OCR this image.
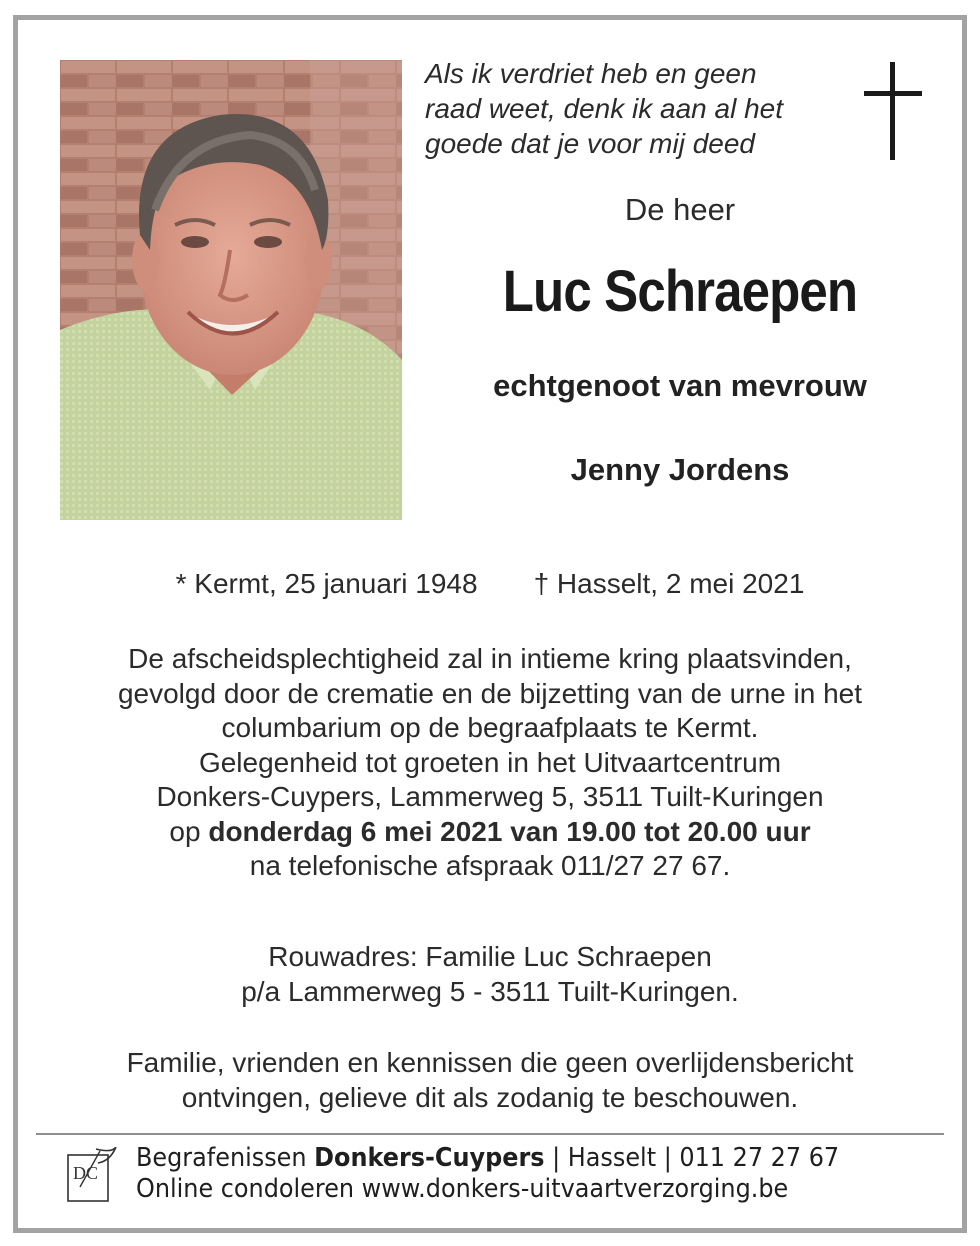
Als ik verdriet heb en geen
raad weet, denk ik aan al het
goede dat je voor mij deed
De heer
Luc Schraepen
echtgenoot van mevrouw
Jenny Jordens
* Kermt, 25 januari 1948 † Hasselt, 2 mei 2021
De afscheidsplechtigheid zal in intieme kring plaatsvinden,
gevolgd door de crematie en de bijzetting van de urne in het
columbarium op de begraafplaats te Kermt.
Gelegenheid tot groeten in het Uitvaartcentrum
Donkers-Cuypers, Lammerweg 5, 3511 Tuilt-Kuringen
op donderdag 6 mei 2021 van 19.00 tot 20.00 uur
na telefonische afspraak 011/27 27 67.
Rouwadres: Familie Luc Schraepen
p/a Lammerweg 5 - 3511 Tuilt-Kuringen.
Familie, vrienden en kennissen die geen overlijdensbericht
ontvingen, gelieve dit als zodanig te beschouwen.
DC Begrafenissen Donkers-Cuypers | Hasselt | 011 27 27 67
Online condoleren www.donkers-uitvaartverzorging.be
